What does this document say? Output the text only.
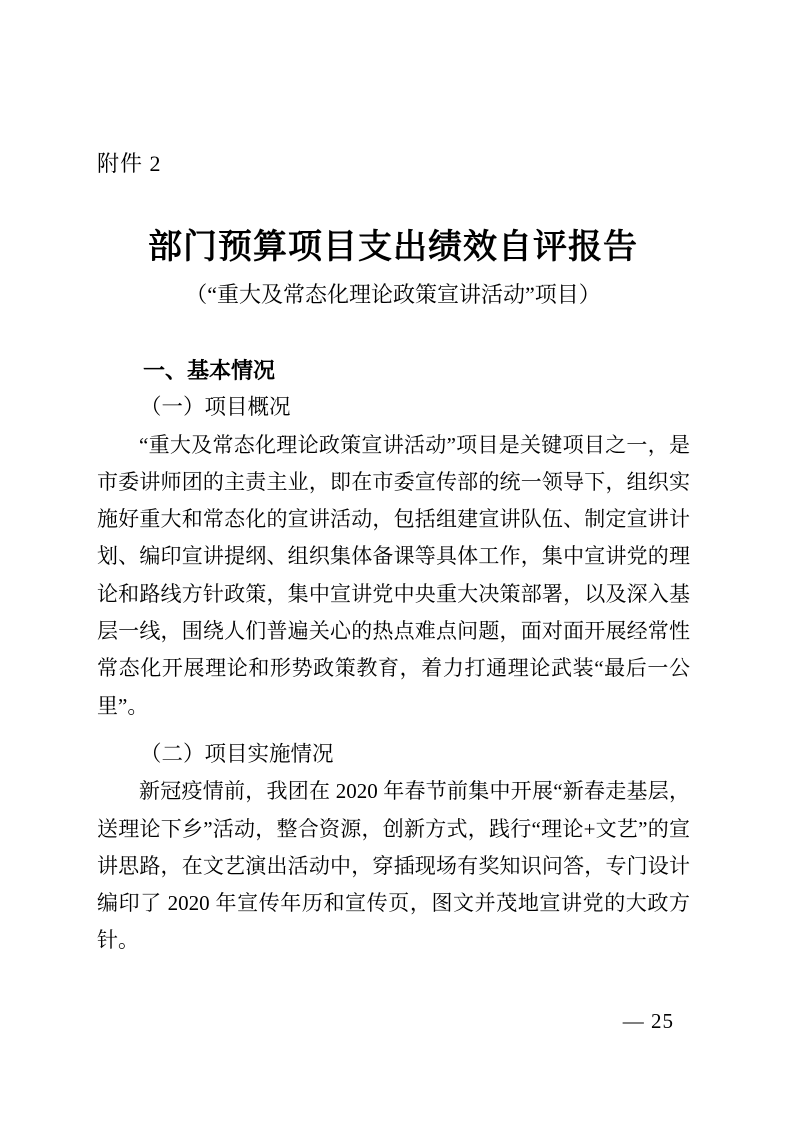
附件 2
部门预算项目支出绩效自评报告
（“重大及常态化理论政策宣讲活动”项目）
一、基本情况
（一）项目概况

“重大及常态化理论政策宣讲活动”项目是关键项目之一，是市委讲师团的主责主业，即在市委宣传部的统一领导下，组织实施好重大和常态化的宣讲活动，包括组建宣讲队伍、制定宣讲计划、编印宣讲提纲、组织集体备课等具体工作，集中宣讲党的理论和路线方针政策，集中宣讲党中央重大决策部署，以及深入基层一线，围绕人们普遍关心的热点难点问题，面对面开展经常性常态化开展理论和形势政策教育，着力打通理论武装“最后一公里”。

（二）项目实施情况

新冠疫情前，我团在 2020 年春节前集中开展“新春走基层，送理论下乡”活动，整合资源，创新方式，践行“理论+文艺”的宣讲思路，在文艺演出活动中，穿插现场有奖知识问答，专门设计编印了 2020 年宣传年历和宣传页，图文并茂地宣讲党的大政方针。

— 25
